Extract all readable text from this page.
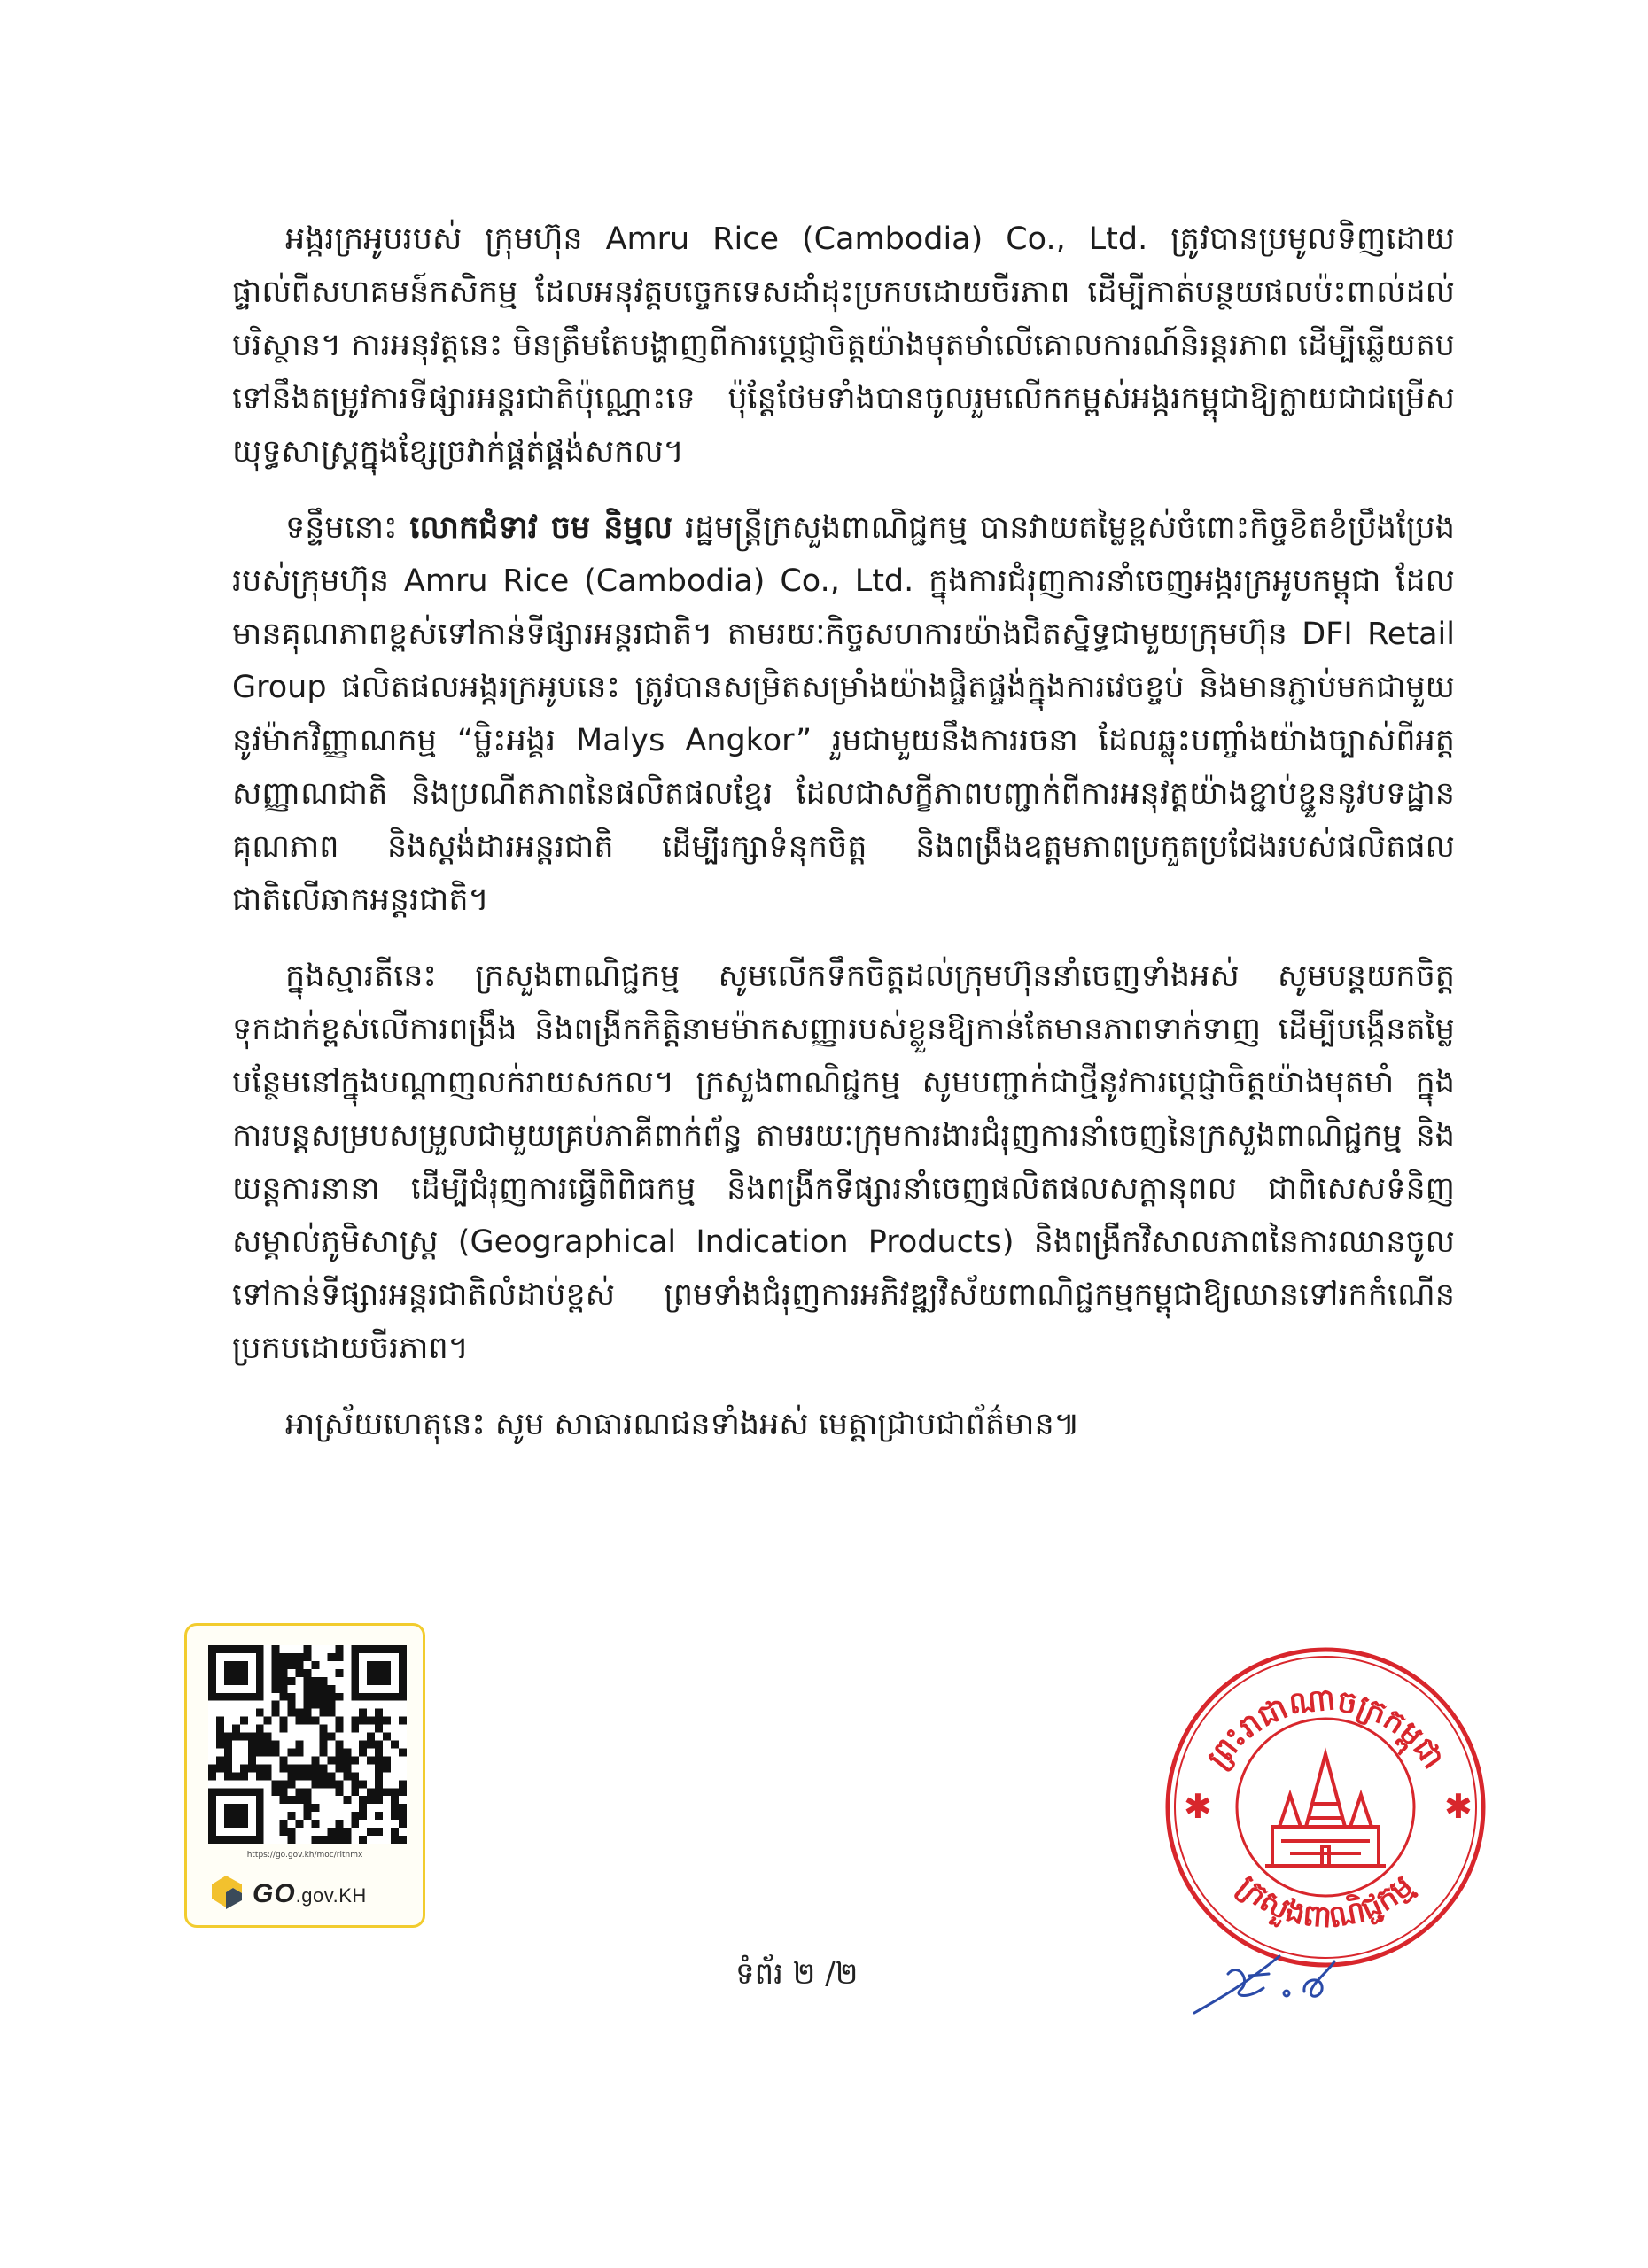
អង្ករក្រអូបរបស់ ក្រុមហ៊ុន Amru Rice (Cambodia) Co., Ltd. ត្រូវបានប្រមូលទិញដោយផ្ទាល់ពីសហគមន៍កសិកម្ម ដែលអនុវត្តបច្ចេកទេសដាំដុះប្រកបដោយចីរភាព ដើម្បីកាត់បន្ថយផលប៉ះពាល់ដល់បរិស្ថាន។ ការអនុវត្តនេះ មិនត្រឹមតែបង្ហាញពីការប្តេជ្ញាចិត្តយ៉ាងមុតមាំលើគោលការណ៍និរន្តរភាព ដើម្បីឆ្លើយតបទៅនឹងតម្រូវការទីផ្សារអន្តរជាតិប៉ុណ្ណោះទេ ប៉ុន្តែថែមទាំងបានចូលរួមលើកកម្ពស់អង្ករកម្ពុជាឱ្យក្លាយជាជម្រើសយុទ្ធសាស្ត្រក្នុងខ្សែច្រវាក់ផ្គត់ផ្គង់សកល។

ទន្ទឹមនោះ លោកជំទាវ ចម និម្មល រដ្ឋមន្ត្រីក្រសួងពាណិជ្ជកម្ម បានវាយតម្លៃខ្ពស់ចំពោះកិច្ចខិតខំប្រឹងប្រែងរបស់ក្រុមហ៊ុន Amru Rice (Cambodia) Co., Ltd. ក្នុងការជំរុញការនាំចេញអង្ករក្រអូបកម្ពុជា ដែលមានគុណភាពខ្ពស់ទៅកាន់ទីផ្សារអន្តរជាតិ។ តាមរយៈកិច្ចសហការយ៉ាងជិតស្និទ្ធជាមួយក្រុមហ៊ុន DFI Retail Group ផលិតផលអង្ករក្រអូបនេះ ត្រូវបានសម្រិតសម្រាំងយ៉ាងផ្ចិតផ្ចង់ក្នុងការវេចខ្ចប់ និងមានភ្ជាប់មកជាមួយនូវម៉ាកវិញ្ញាណកម្ម “ម្លិះអង្គរ Malys Angkor” រួមជាមួយនឹងការរចនា ដែលឆ្លុះបញ្ចាំងយ៉ាងច្បាស់ពីអត្តសញ្ញាណជាតិ និងប្រណីតភាពនៃផលិតផលខ្មែរ ដែលជាសក្ខីភាពបញ្ជាក់ពីការអនុវត្តយ៉ាងខ្ជាប់ខ្ជួននូវបទដ្ឋានគុណភាព និងស្តង់ដារអន្តរជាតិ ដើម្បីរក្សាទំនុកចិត្ត និងពង្រឹងឧត្តមភាពប្រកួតប្រជែងរបស់ផលិតផលជាតិលើឆាកអន្តរជាតិ។

ក្នុងស្មារតីនេះ ក្រសួងពាណិជ្ជកម្ម សូមលើកទឹកចិត្តដល់ក្រុមហ៊ុននាំចេញទាំងអស់ សូមបន្តយកចិត្តទុកដាក់ខ្ពស់លើការពង្រឹង និងពង្រីកកិត្តិនាមម៉ាកសញ្ញារបស់ខ្លួនឱ្យកាន់តែមានភាពទាក់ទាញ ដើម្បីបង្កើនតម្លៃបន្ថែមនៅក្នុងបណ្តាញលក់រាយសកល។ ក្រសួងពាណិជ្ជកម្ម សូមបញ្ជាក់ជាថ្មីនូវការប្តេជ្ញាចិត្តយ៉ាងមុតមាំ ក្នុងការបន្តសម្របសម្រួលជាមួយគ្រប់ភាគីពាក់ព័ន្ធ តាមរយៈក្រុមការងារជំរុញការនាំចេញនៃក្រសួងពាណិជ្ជកម្ម និងយន្តការនានា ដើម្បីជំរុញការធ្វើពិពិធកម្ម និងពង្រីកទីផ្សារនាំចេញផលិតផលសក្តានុពល ជាពិសេសទំនិញសម្គាល់ភូមិសាស្ត្រ (Geographical Indication Products) និងពង្រីកវិសាលភាពនៃការឈានចូលទៅកាន់ទីផ្សារអន្តរជាតិលំដាប់ខ្ពស់ ព្រមទាំងជំរុញការអភិវឌ្ឍវិស័យពាណិជ្ជកម្មកម្ពុជាឱ្យឈានទៅរកកំណើនប្រកបដោយចីរភាព។

អាស្រ័យហេតុនេះ សូម សាធារណជនទាំងអស់ មេត្តាជ្រាបជាព័ត៌មាន៕

https://go.gov.kh/moc/ritnmx
GO.gov.KH
ទំព័រ ២ /២
ព្រះរាជាណាចក្រកម្ពុជា
ក្រសួងពាណិជ្ជកម្ម
✱	✱
